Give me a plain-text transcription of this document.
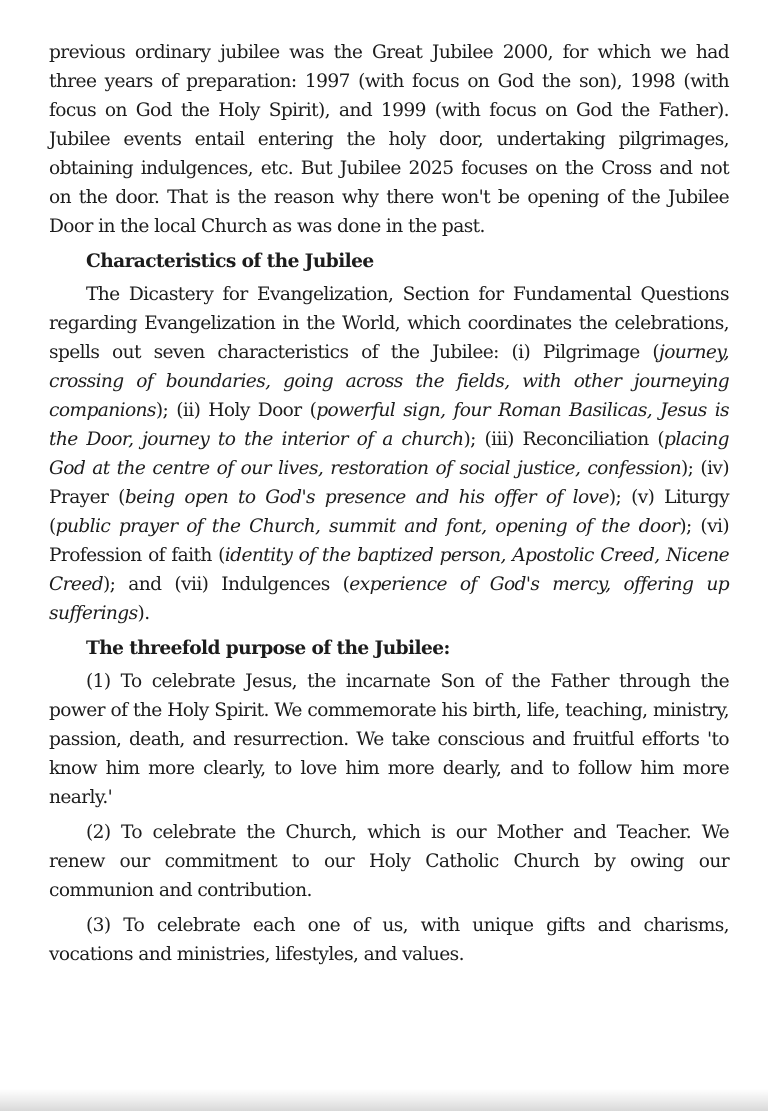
previous ordinary jubilee was the Great Jubilee 2000, for which we had three years of preparation: 1997 (with focus on God the son), 1998 (with focus on God the Holy Spirit), and 1999 (with focus on God the Father). Jubilee events entail entering the holy door, undertaking pilgrimages, obtaining indulgences, etc. But Jubilee 2025 focuses on the Cross and not on the door. That is the reason why there won't be opening of the Jubilee Door in the local Church as was done in the past.

Characteristics of the Jubilee

The Dicastery for Evangelization, Section for Fundamental Questions regarding Evangelization in the World, which coordinates the celebrations, spells out seven characteristics of the Jubilee: (i) Pilgrimage (journey, crossing of boundaries, going across the fields, with other journeying companions); (ii) Holy Door (powerful sign, four Roman Basilicas, Jesus is the Door, journey to the interior of a church); (iii) Reconciliation (placing God at the centre of our lives, restoration of social justice, confession); (iv) Prayer (being open to God's presence and his offer of love); (v) Liturgy (public prayer of the Church, summit and font, opening of the door); (vi) Profession of faith (identity of the baptized person, Apostolic Creed, Nicene Creed); and (vii) Indulgences (experience of God's mercy, offering up sufferings).

The threefold purpose of the Jubilee:

(1) To celebrate Jesus, the incarnate Son of the Father through the power of the Holy Spirit. We commemorate his birth, life, teaching, ministry, passion, death, and resurrection. We take conscious and fruitful efforts 'to know him more clearly, to love him more dearly, and to follow him more nearly.'

(2) To celebrate the Church, which is our Mother and Teacher. We renew our commitment to our Holy Catholic Church by owing our communion and contribution.

(3) To celebrate each one of us, with unique gifts and charisms, vocations and ministries, lifestyles, and values.
